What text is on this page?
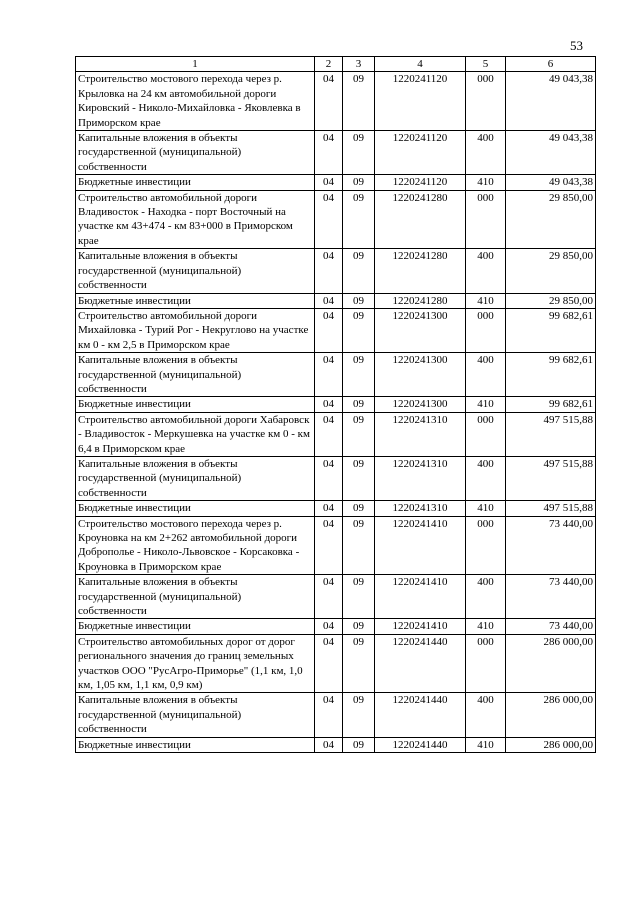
53
1	2	3	4	5	6
Строительство мостового перехода через р. Крыловка на 24 км автомобильной дороги Кировский - Николо-Михайловка - Яковлевка в Приморском крае	04	09	1220241120	000	49 043,38
Капитальные вложения в объекты государственной (муниципальной) собственности	04	09	1220241120	400	49 043,38
Бюджетные инвестиции	04	09	1220241120	410	49 043,38
Строительство автомобильной дороги Владивосток - Находка - порт Восточный на участке км 43+474 - км 83+000 в Приморском крае	04	09	1220241280	000	29 850,00
Капитальные вложения в объекты государственной (муниципальной) собственности	04	09	1220241280	400	29 850,00
Бюджетные инвестиции	04	09	1220241280	410	29 850,00
Строительство автомобильной дороги Михайловка - Турий Рог - Некруглово на участке км 0 - км 2,5 в Приморском крае	04	09	1220241300	000	99 682,61
Капитальные вложения в объекты государственной (муниципальной) собственности	04	09	1220241300	400	99 682,61
Бюджетные инвестиции	04	09	1220241300	410	99 682,61
Строительство автомобильной дороги Хабаровск - Владивосток - Меркушевка на участке км 0 - км 6,4 в Приморском крае	04	09	1220241310	000	497 515,88
Капитальные вложения в объекты государственной (муниципальной) собственности	04	09	1220241310	400	497 515,88
Бюджетные инвестиции	04	09	1220241310	410	497 515,88
Строительство мостового перехода через р. Кроуновка на км 2+262 автомобильной дороги Доброполье - Николо-Львовское - Корсаковка - Кроуновка в Приморском крае	04	09	1220241410	000	73 440,00
Капитальные вложения в объекты государственной (муниципальной) собственности	04	09	1220241410	400	73 440,00
Бюджетные инвестиции	04	09	1220241410	410	73 440,00
Строительство автомобильных дорог от дорог регионального значения до границ земельных участков ООО "РусАгро-Приморье" (1,1 км, 1,0 км, 1,05 км, 1,1 км, 0,9 км)	04	09	1220241440	000	286 000,00
Капитальные вложения в объекты государственной (муниципальной) собственности	04	09	1220241440	400	286 000,00
Бюджетные инвестиции	04	09	1220241440	410	286 000,00
